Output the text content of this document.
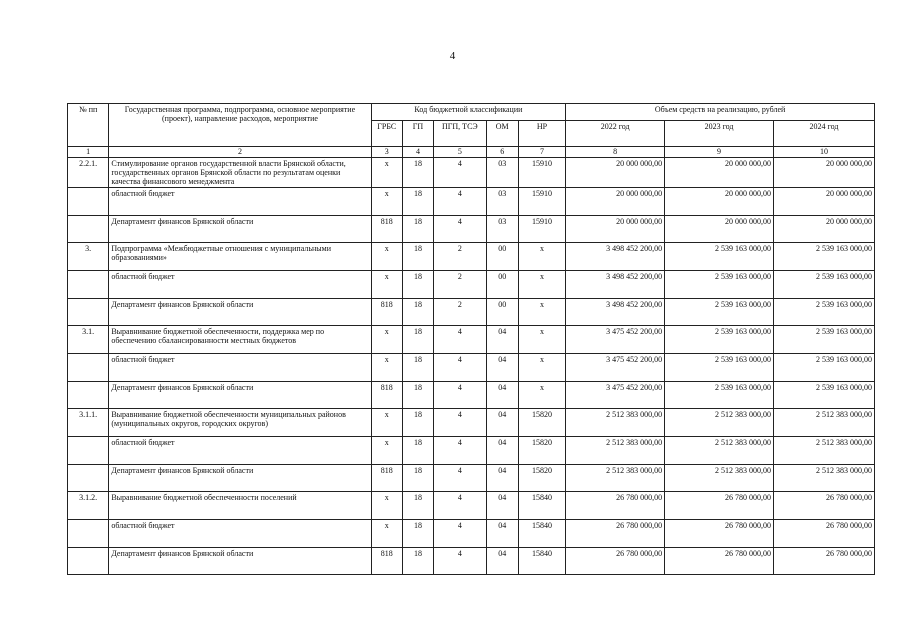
4
№ пп	Государственная программа, подпрограмма, основное мероприятие (проект), направление расходов, мероприятие	Код бюджетной классификации					Объем средств на реализацию, рублей		
		ГРБС	ГП	ПГП, ТСЭ	ОМ	НР	2022 год	2023 год	2024 год
1	2	3	4	5	6	7	8	9	10
2.2.1.	Стимулирование органов государственной власти Брянской области, государственных органов Брянской области по результатам оценки качества финансового менеджмента	х	18	4	03	15910	20 000 000,00	20 000 000,00	20 000 000,00
	областной бюджет	х	18	4	03	15910	20 000 000,00	20 000 000,00	20 000 000,00
	Департамент финансов Брянской области	818	18	4	03	15910	20 000 000,00	20 000 000,00	20 000 000,00
3.	Подпрограмма «Межбюджетные отношения с муниципальными образованиями»	х	18	2	00	х	3 498 452 200,00	2 539 163 000,00	2 539 163 000,00
	областной бюджет	х	18	2	00	х	3 498 452 200,00	2 539 163 000,00	2 539 163 000,00
	Департамент финансов Брянской области	818	18	2	00	х	3 498 452 200,00	2 539 163 000,00	2 539 163 000,00
3.1.	Выравнивание бюджетной обеспеченности, поддержка мер по обеспечению сбалансированности местных бюджетов	х	18	4	04	х	3 475 452 200,00	2 539 163 000,00	2 539 163 000,00
	областной бюджет	х	18	4	04	х	3 475 452 200,00	2 539 163 000,00	2 539 163 000,00
	Департамент финансов Брянской области	818	18	4	04	х	3 475 452 200,00	2 539 163 000,00	2 539 163 000,00
3.1.1.	Выравнивание бюджетной обеспеченности муниципальных районов (муниципальных округов, городских округов)	х	18	4	04	15820	2 512 383 000,00	2 512 383 000,00	2 512 383 000,00
	областной бюджет	х	18	4	04	15820	2 512 383 000,00	2 512 383 000,00	2 512 383 000,00
	Департамент финансов Брянской области	818	18	4	04	15820	2 512 383 000,00	2 512 383 000,00	2 512 383 000,00
3.1.2.	Выравнивание бюджетной обеспеченности поселений	х	18	4	04	15840	26 780 000,00	26 780 000,00	26 780 000,00
	областной бюджет	х	18	4	04	15840	26 780 000,00	26 780 000,00	26 780 000,00
	Департамент финансов Брянской области	818	18	4	04	15840	26 780 000,00	26 780 000,00	26 780 000,00
